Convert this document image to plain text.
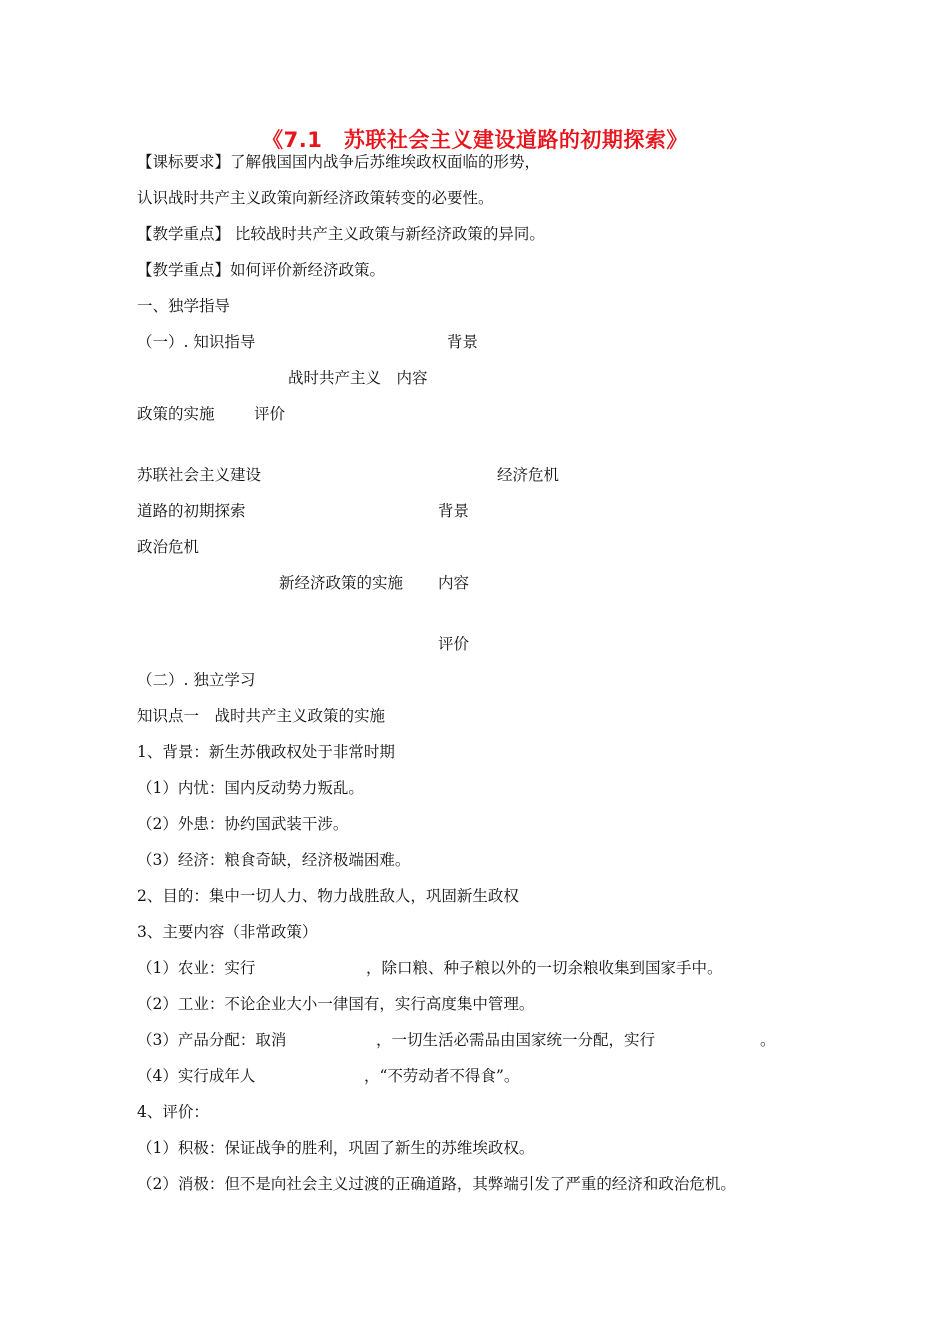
《7.1　苏联社会主义建设道路的初期探索》
【课标要求】了解俄国国内战争后苏维埃政权面临的形势，
认识战时共产主义政策向新经济政策转变的必要性。
【教学重点】 比较战时共产主义政策与新经济政策的异同。
【教学重点】如何评价新经济政策。
一、独学指导
（一）. 知识指导	背景
战时共产主义　内容
政策的实施	评价
苏联社会主义建设	经济危机
道路的初期探索	背景
政治危机
新经济政策的实施 内容
评价
（二）. 独立学习
知识点一　战时共产主义政策的实施
1、背景：新生苏俄政权处于非常时期
（1）内忧：国内反动势力叛乱。
（2）外患：协约国武装干涉。
（3）经济：粮食奇缺，经济极端困难。
2、目的：集中一切人力、物力战胜敌人，巩固新生政权
3、主要内容（非常政策）
（1）农业：实行	，除口粮、种子粮以外的一切余粮收集到国家手中。
（2）工业：不论企业大小一律国有，实行高度集中管理。
（3）产品分配：取消	，一切生活必需品由国家统一分配，实行	。
（4）实行成年人	，“不劳动者不得食”。
4、评价：
（1）积极：保证战争的胜利，巩固了新生的苏维埃政权。
（2）消极：但不是向社会主义过渡的正确道路，其弊端引发了严重的经济和政治危机。
